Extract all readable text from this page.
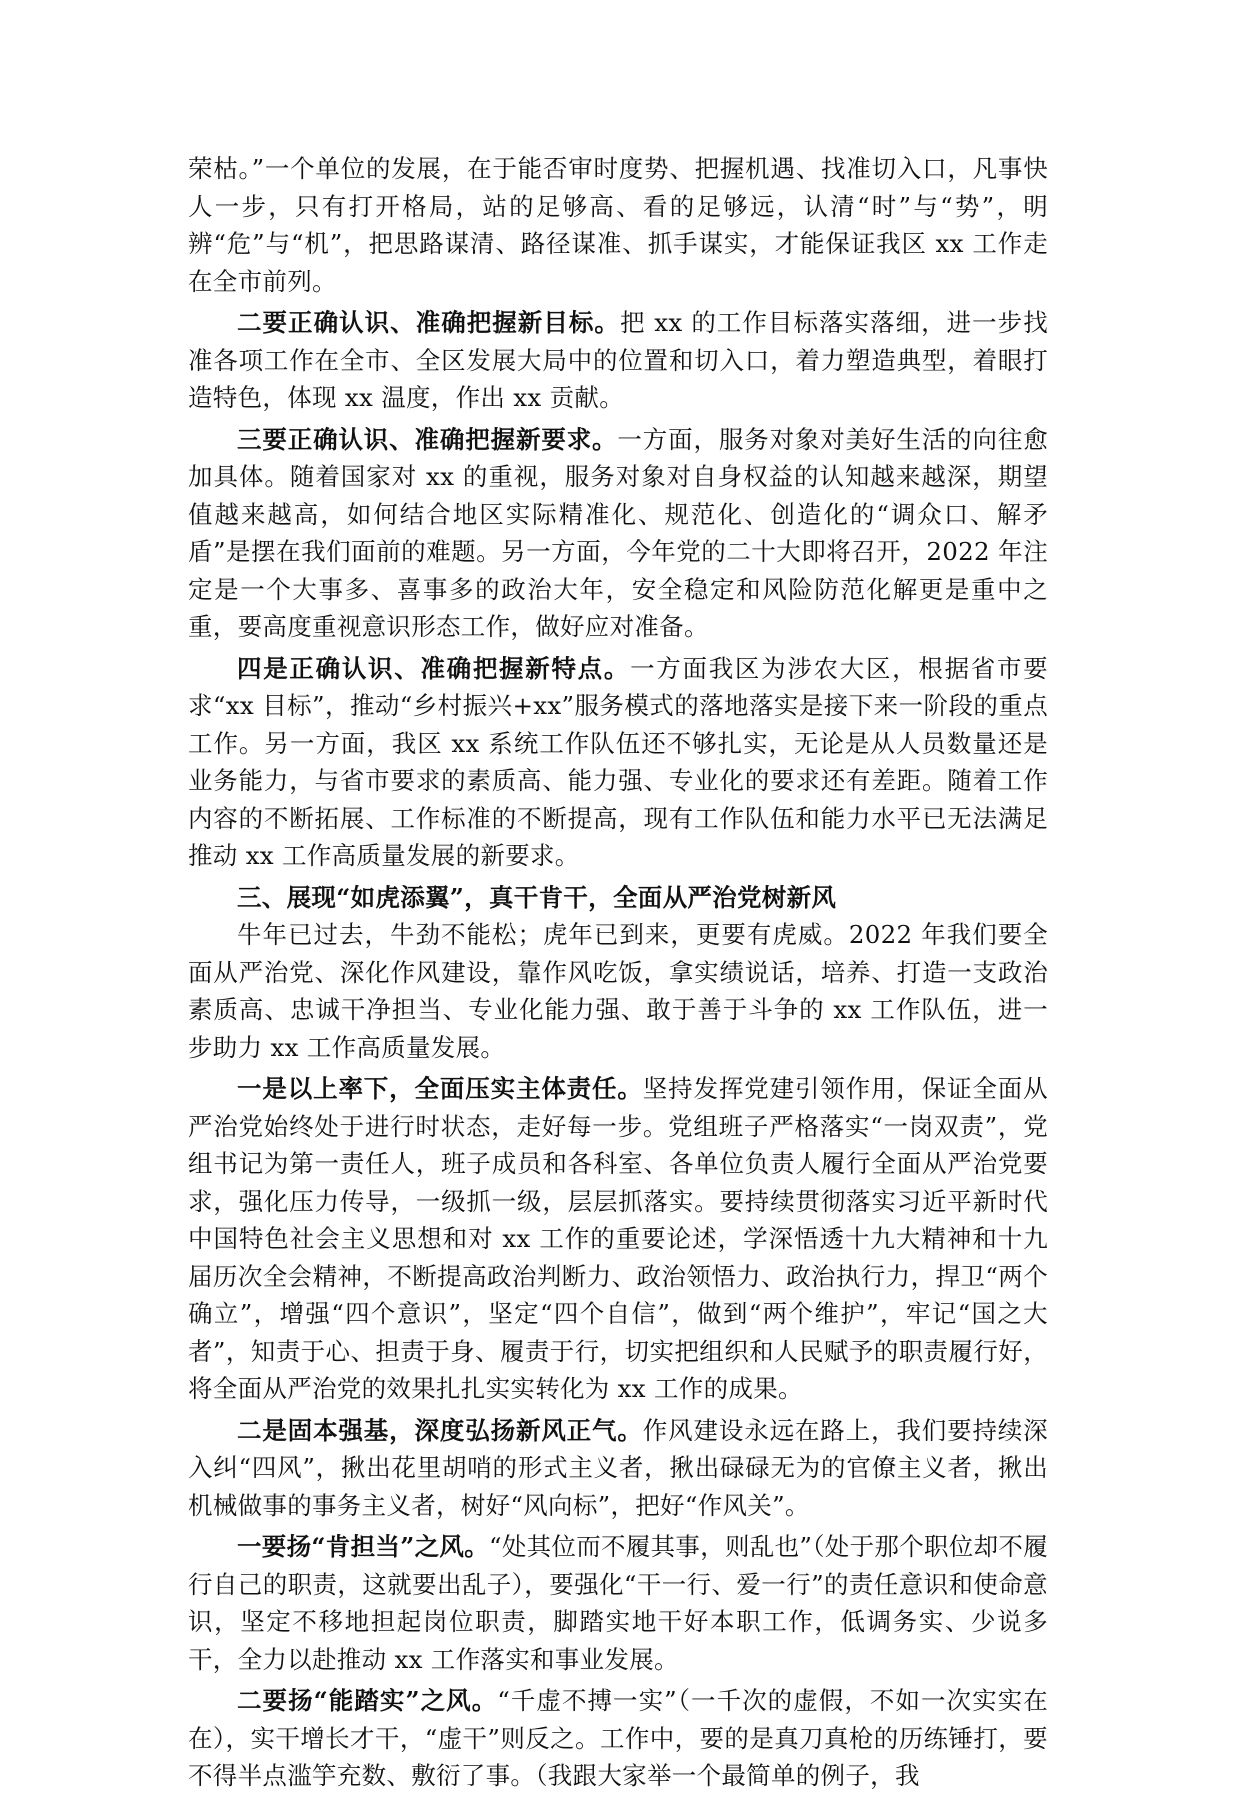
荣枯。”一个单位的发展，在于能否审时度势、把握机遇、找准切入口，凡事快人一步，只有打开格局，站的足够高、看的足够远，认清“时”与“势”，明辨“危”与“机”，把思路谋清、路径谋准、抓手谋实，才能保证我区 xx 工作走在全市前列。

二要正确认识、准确把握新目标。把 xx 的工作目标落实落细，进一步找准各项工作在全市、全区发展大局中的位置和切入口，着力塑造典型，着眼打造特色，体现 xx 温度，作出 xx 贡献。

三要正确认识、准确把握新要求。一方面，服务对象对美好生活的向往愈加具体。随着国家对 xx 的重视，服务对象对自身权益的认知越来越深，期望值越来越高，如何结合地区实际精准化、规范化、创造化的“调众口、解矛盾”是摆在我们面前的难题。另一方面，今年党的二十大即将召开，2022 年注定是一个大事多、喜事多的政治大年，安全稳定和风险防范化解更是重中之重，要高度重视意识形态工作，做好应对准备。

四是正确认识、准确把握新特点。一方面我区为涉农大区，根据省市要求“xx 目标”，推动“乡村振兴+xx”服务模式的落地落实是接下来一阶段的重点工作。另一方面，我区 xx 系统工作队伍还不够扎实，无论是从人员数量还是业务能力，与省市要求的素质高、能力强、专业化的要求还有差距。随着工作内容的不断拓展、工作标准的不断提高，现有工作队伍和能力水平已无法满足推动 xx 工作高质量发展的新要求。

三、展现“如虎添翼”，真干肯干，全面从严治党树新风

牛年已过去，牛劲不能松；虎年已到来，更要有虎威。2022 年我们要全面从严治党、深化作风建设，靠作风吃饭，拿实绩说话，培养、打造一支政治素质高、忠诚干净担当、专业化能力强、敢于善于斗争的 xx 工作队伍，进一步助力 xx 工作高质量发展。

一是以上率下，全面压实主体责任。坚持发挥党建引领作用，保证全面从严治党始终处于进行时状态，走好每一步。党组班子严格落实“一岗双责”，党组书记为第一责任人，班子成员和各科室、各单位负责人履行全面从严治党要求，强化压力传导，一级抓一级，层层抓落实。要持续贯彻落实习近平新时代中国特色社会主义思想和对 xx 工作的重要论述，学深悟透十九大精神和十九届历次全会精神，不断提高政治判断力、政治领悟力、政治执行力，捍卫“两个确立”，增强“四个意识”，坚定“四个自信”，做到“两个维护”，牢记“国之大者”，知责于心、担责于身、履责于行，切实把组织和人民赋予的职责履行好，将全面从严治党的效果扎扎实实转化为 xx 工作的成果。

二是固本强基，深度弘扬新风正气。作风建设永远在路上，我们要持续深入纠“四风”，揪出花里胡哨的形式主义者，揪出碌碌无为的官僚主义者，揪出机械做事的事务主义者，树好“风向标”，把好“作风关”。

一要扬“肯担当”之风。“处其位而不履其事，则乱也”（处于那个职位却不履行自己的职责，这就要出乱子），要强化“干一行、爱一行”的责任意识和使命意识，坚定不移地担起岗位职责，脚踏实地干好本职工作，低调务实、少说多干，全力以赴推动 xx 工作落实和事业发展。

二要扬“能踏实”之风。“千虚不搏一实”（一千次的虚假，不如一次实实在在），实干增长才干，“虚干”则反之。工作中，要的是真刀真枪的历练锤打，要不得半点滥竽充数、敷衍了事。（我跟大家举一个最简单的例子，我
